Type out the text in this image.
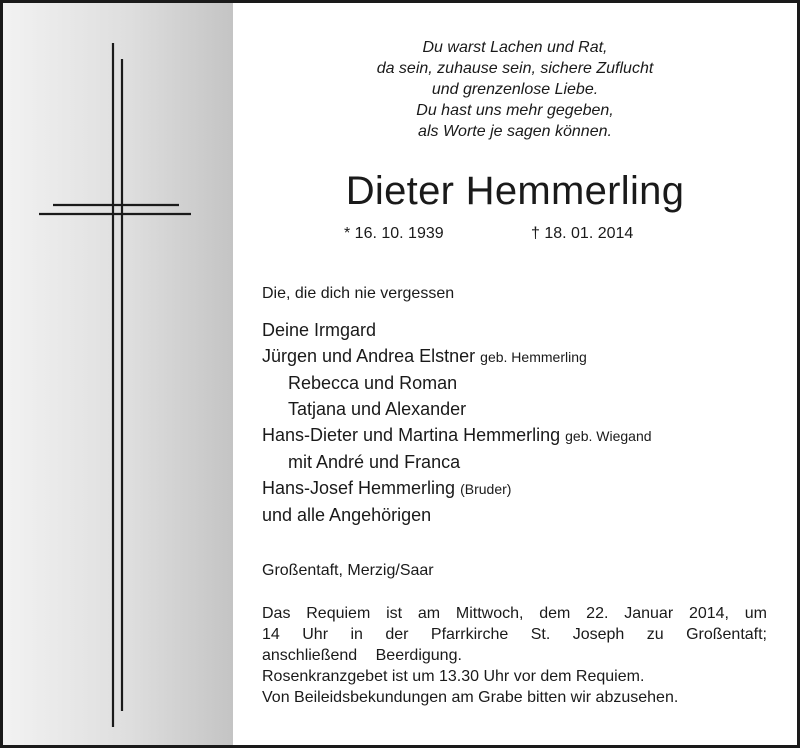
Du warst Lachen und Rat,
da sein, zuhause sein, sichere Zuflucht
und grenzenlose Liebe.
Du hast uns mehr gegeben,
als Worte je sagen können.
Dieter Hemmerling
* 16. 10. 1939	† 18. 01. 2014
Die, die dich nie vergessen
Deine Irmgard
Jürgen und Andrea Elstner geb. Hemmerling
Rebecca und Roman
Tatjana und Alexander
Hans-Dieter und Martina Hemmerling geb. Wiegand
mit André und Franca
Hans-Josef Hemmerling (Bruder)
und alle Angehörigen
Großentaft, Merzig/Saar
Das Requiem ist am Mittwoch, dem 22. Januar 2014, um
14 Uhr in der Pfarrkirche St. Joseph zu Großentaft;
anschließend Beerdigung.
Rosenkranzgebet ist um 13.30 Uhr vor dem Requiem.
Von Beileidsbekundungen am Grabe bitten wir abzusehen.
